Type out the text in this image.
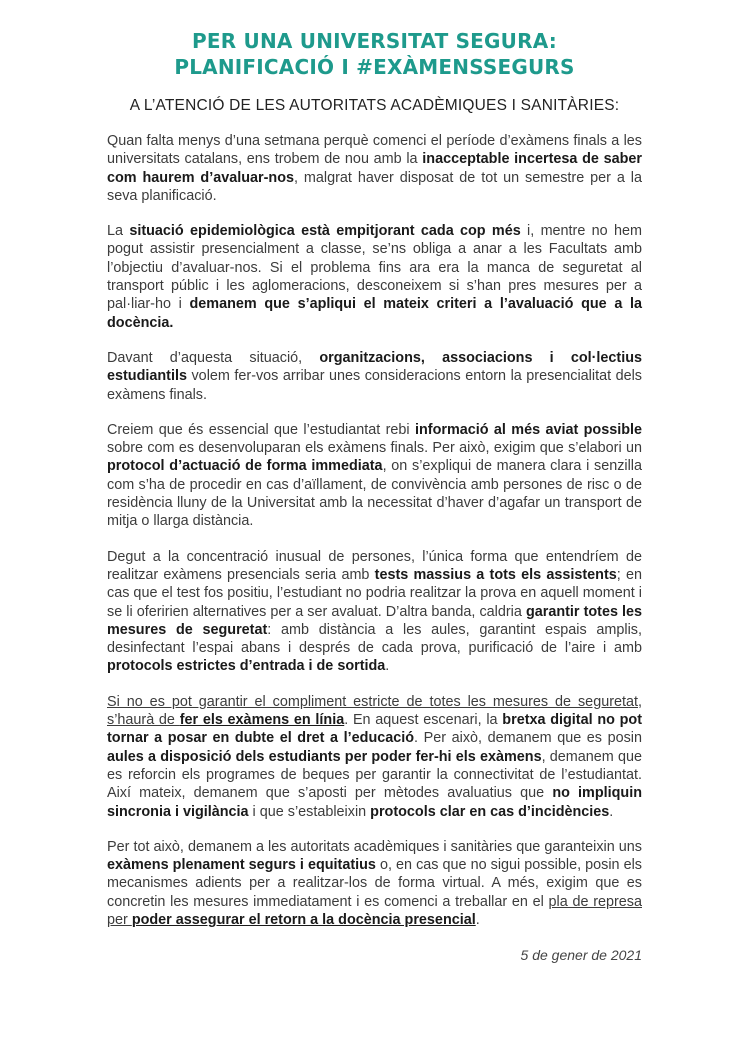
PER UNA UNIVERSITAT SEGURA:
PLANIFICACIÓ I #EXÀMENSSEGURS
A L’ATENCIÓ DE LES AUTORITATS ACADÈMIQUES I SANITÀRIES:

Quan falta menys d’una setmana perquè comenci el període d’exàmens finals a les universitats catalans, ens trobem de nou amb la inacceptable incertesa de saber com haurem d’avaluar-nos, malgrat haver disposat de tot un semestre per a la seva planificació.

La situació epidemiològica està empitjorant cada cop més i, mentre no hem pogut assistir presencialment a classe, se’ns obliga a anar a les Facultats amb l’objectiu d’avaluar-nos. Si el problema fins ara era la manca de seguretat al transport públic i les aglomeracions, desconeixem si s’han pres mesures per a pal·liar-ho i demanem que s’apliqui el mateix criteri a l’avaluació que a la docència.

Davant d’aquesta situació, organitzacions, associacions i col·lectius estudiantils volem fer-vos arribar unes consideracions entorn la presencialitat dels exàmens finals.

Creiem que és essencial que l’estudiantat rebi informació al més aviat possible sobre com es desenvoluparan els exàmens finals. Per això, exigim que s’elabori un protocol d’actuació de forma immediata, on s’expliqui de manera clara i senzilla com s’ha de procedir en cas d’aïllament, de convivència amb persones de risc o de residència lluny de la Universitat amb la necessitat d’haver d’agafar un transport de mitja o llarga distància.

Degut a la concentració inusual de persones, l’única forma que entendríem de realitzar exàmens presencials seria amb tests massius a tots els assistents; en cas que el test fos positiu, l’estudiant no podria realitzar la prova en aquell moment i se li oferirien alternatives per a ser avaluat. D’altra banda, caldria garantir totes les mesures de seguretat: amb distància a les aules, garantint espais amplis, desinfectant l’espai abans i després de cada prova, purificació de l’aire i amb protocols estrictes d’entrada i de sortida.

Si no es pot garantir el compliment estricte de totes les mesures de seguretat, s’haurà de fer els exàmens en línia. En aquest escenari, la bretxa digital no pot tornar a posar en dubte el dret a l’educació. Per això, demanem que es posin aules a disposició dels estudiants per poder fer-hi els exàmens, demanem que es reforcin els programes de beques per garantir la connectivitat de l’estudiantat. Així mateix, demanem que s’aposti per mètodes avaluatius que no impliquin sincronia i vigilància i que s’estableixin protocols clar en cas d’incidències.

Per tot això, demanem a les autoritats acadèmiques i sanitàries que garanteixin uns exàmens plenament segurs i equitatius o, en cas que no sigui possible, posin els mecanismes adients per a realitzar-los de forma virtual. A més, exigim que es concretin les mesures immediatament i es comenci a treballar en el pla de represa per poder assegurar el retorn a la docència presencial.

5 de gener de 2021
